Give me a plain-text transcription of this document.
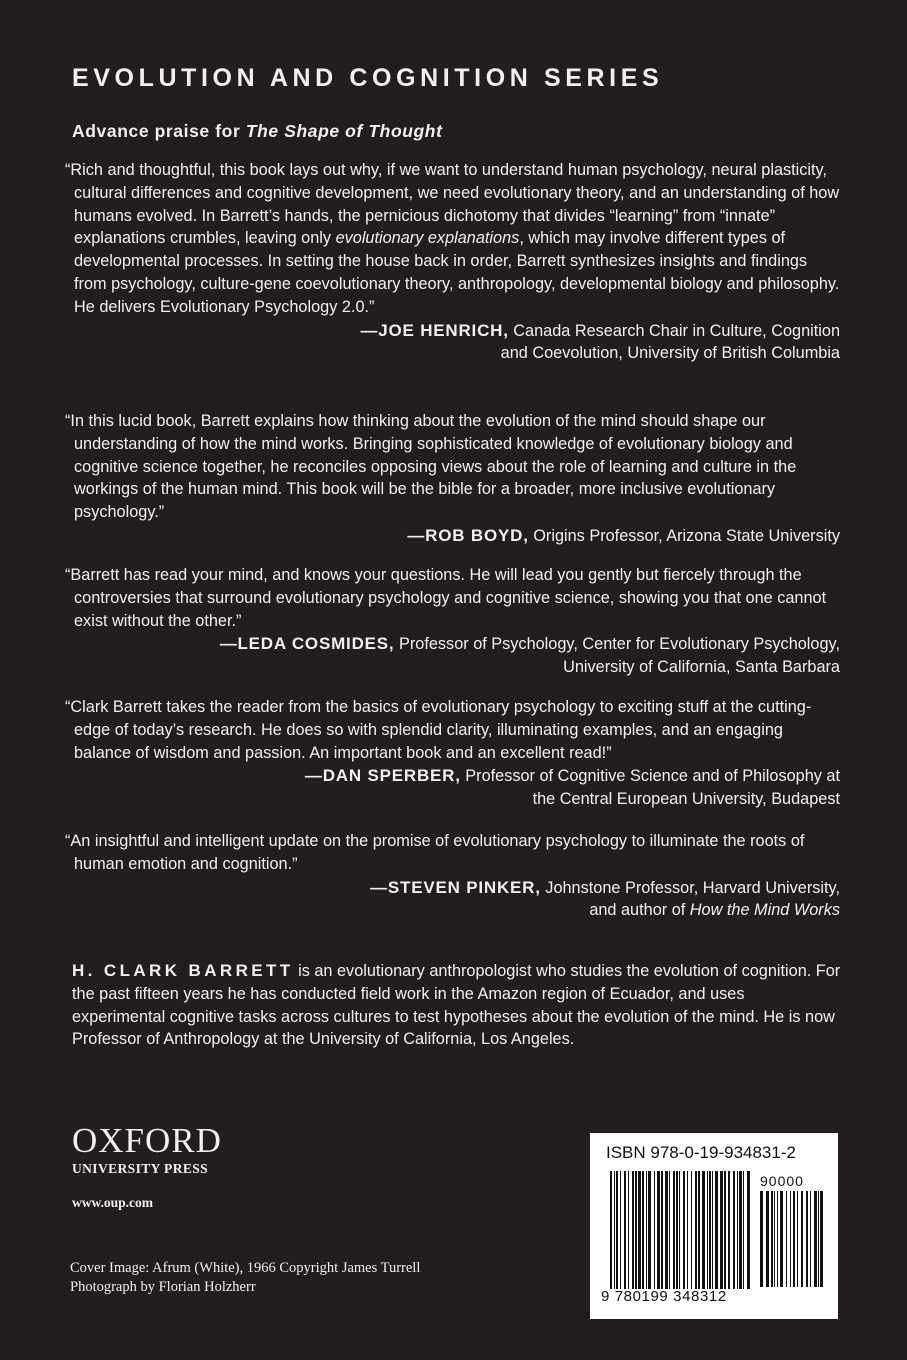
EVOLUTION AND COGNITION SERIES
Advance praise for The Shape of Thought

“Rich and thoughtful, this book lays out why, if we want to understand human psychology, neural plasticity, cultural differences and cognitive development, we need evolutionary theory, and an understanding of how humans evolved. In Barrett’s hands, the pernicious dichotomy that divides “learning” from “innate” explanations crumbles, leaving only evolutionary explanations, which may involve different types of developmental processes. In setting the house back in order, Barrett synthesizes insights and findings from psychology, culture-gene coevolutionary theory, anthropology, developmental biology and philosophy. He delivers Evolutionary Psychology 2.0.”

—JOE HENRICH, Canada Research Chair in Culture, Cognition
and Coevolution, University of British Columbia

“In this lucid book, Barrett explains how thinking about the evolution of the mind should shape our understanding of how the mind works. Bringing sophisticated knowledge of evolutionary biology and cognitive science together, he reconciles opposing views about the role of learning and culture in the workings of the human mind. This book will be the bible for a broader, more inclusive evolutionary psychology.”

—ROB BOYD, Origins Professor, Arizona State University

“Barrett has read your mind, and knows your questions. He will lead you gently but fiercely through the controversies that surround evolutionary psychology and cognitive science, showing you that one cannot exist without the other.”

—LEDA COSMIDES, Professor of Psychology, Center for Evolutionary Psychology,
University of California, Santa Barbara

“Clark Barrett takes the reader from the basics of evolutionary psychology to exciting stuff at the cutting-edge of today’s research. He does so with splendid clarity, illuminating examples, and an engaging balance of wisdom and passion. An important book and an excellent read!”

—DAN SPERBER, Professor of Cognitive Science and of Philosophy at
the Central European University, Budapest

“An insightful and intelligent update on the promise of evolutionary psychology to illuminate the roots of human emotion and cognition.”

—STEVEN PINKER, Johnstone Professor, Harvard University,
and author of How the Mind Works
H. CLARK BARRETT is an evolutionary anthropologist who studies the evolution of cognition. For the past fifteen years he has conducted field work in the Amazon region of Ecuador, and uses experimental cognitive tasks across cultures to test hypotheses about the evolution of the mind. He is now Professor of Anthropology at the University of California, Los Angeles.
OXFORD
UNIVERSITY PRESS
www.oup.com
Cover Image: Afrum (White), 1966 Copyright James Turrell
Photograph by Florian Holzherr
ISBN 978-0-19-934831-2
90000
9 780199 348312
